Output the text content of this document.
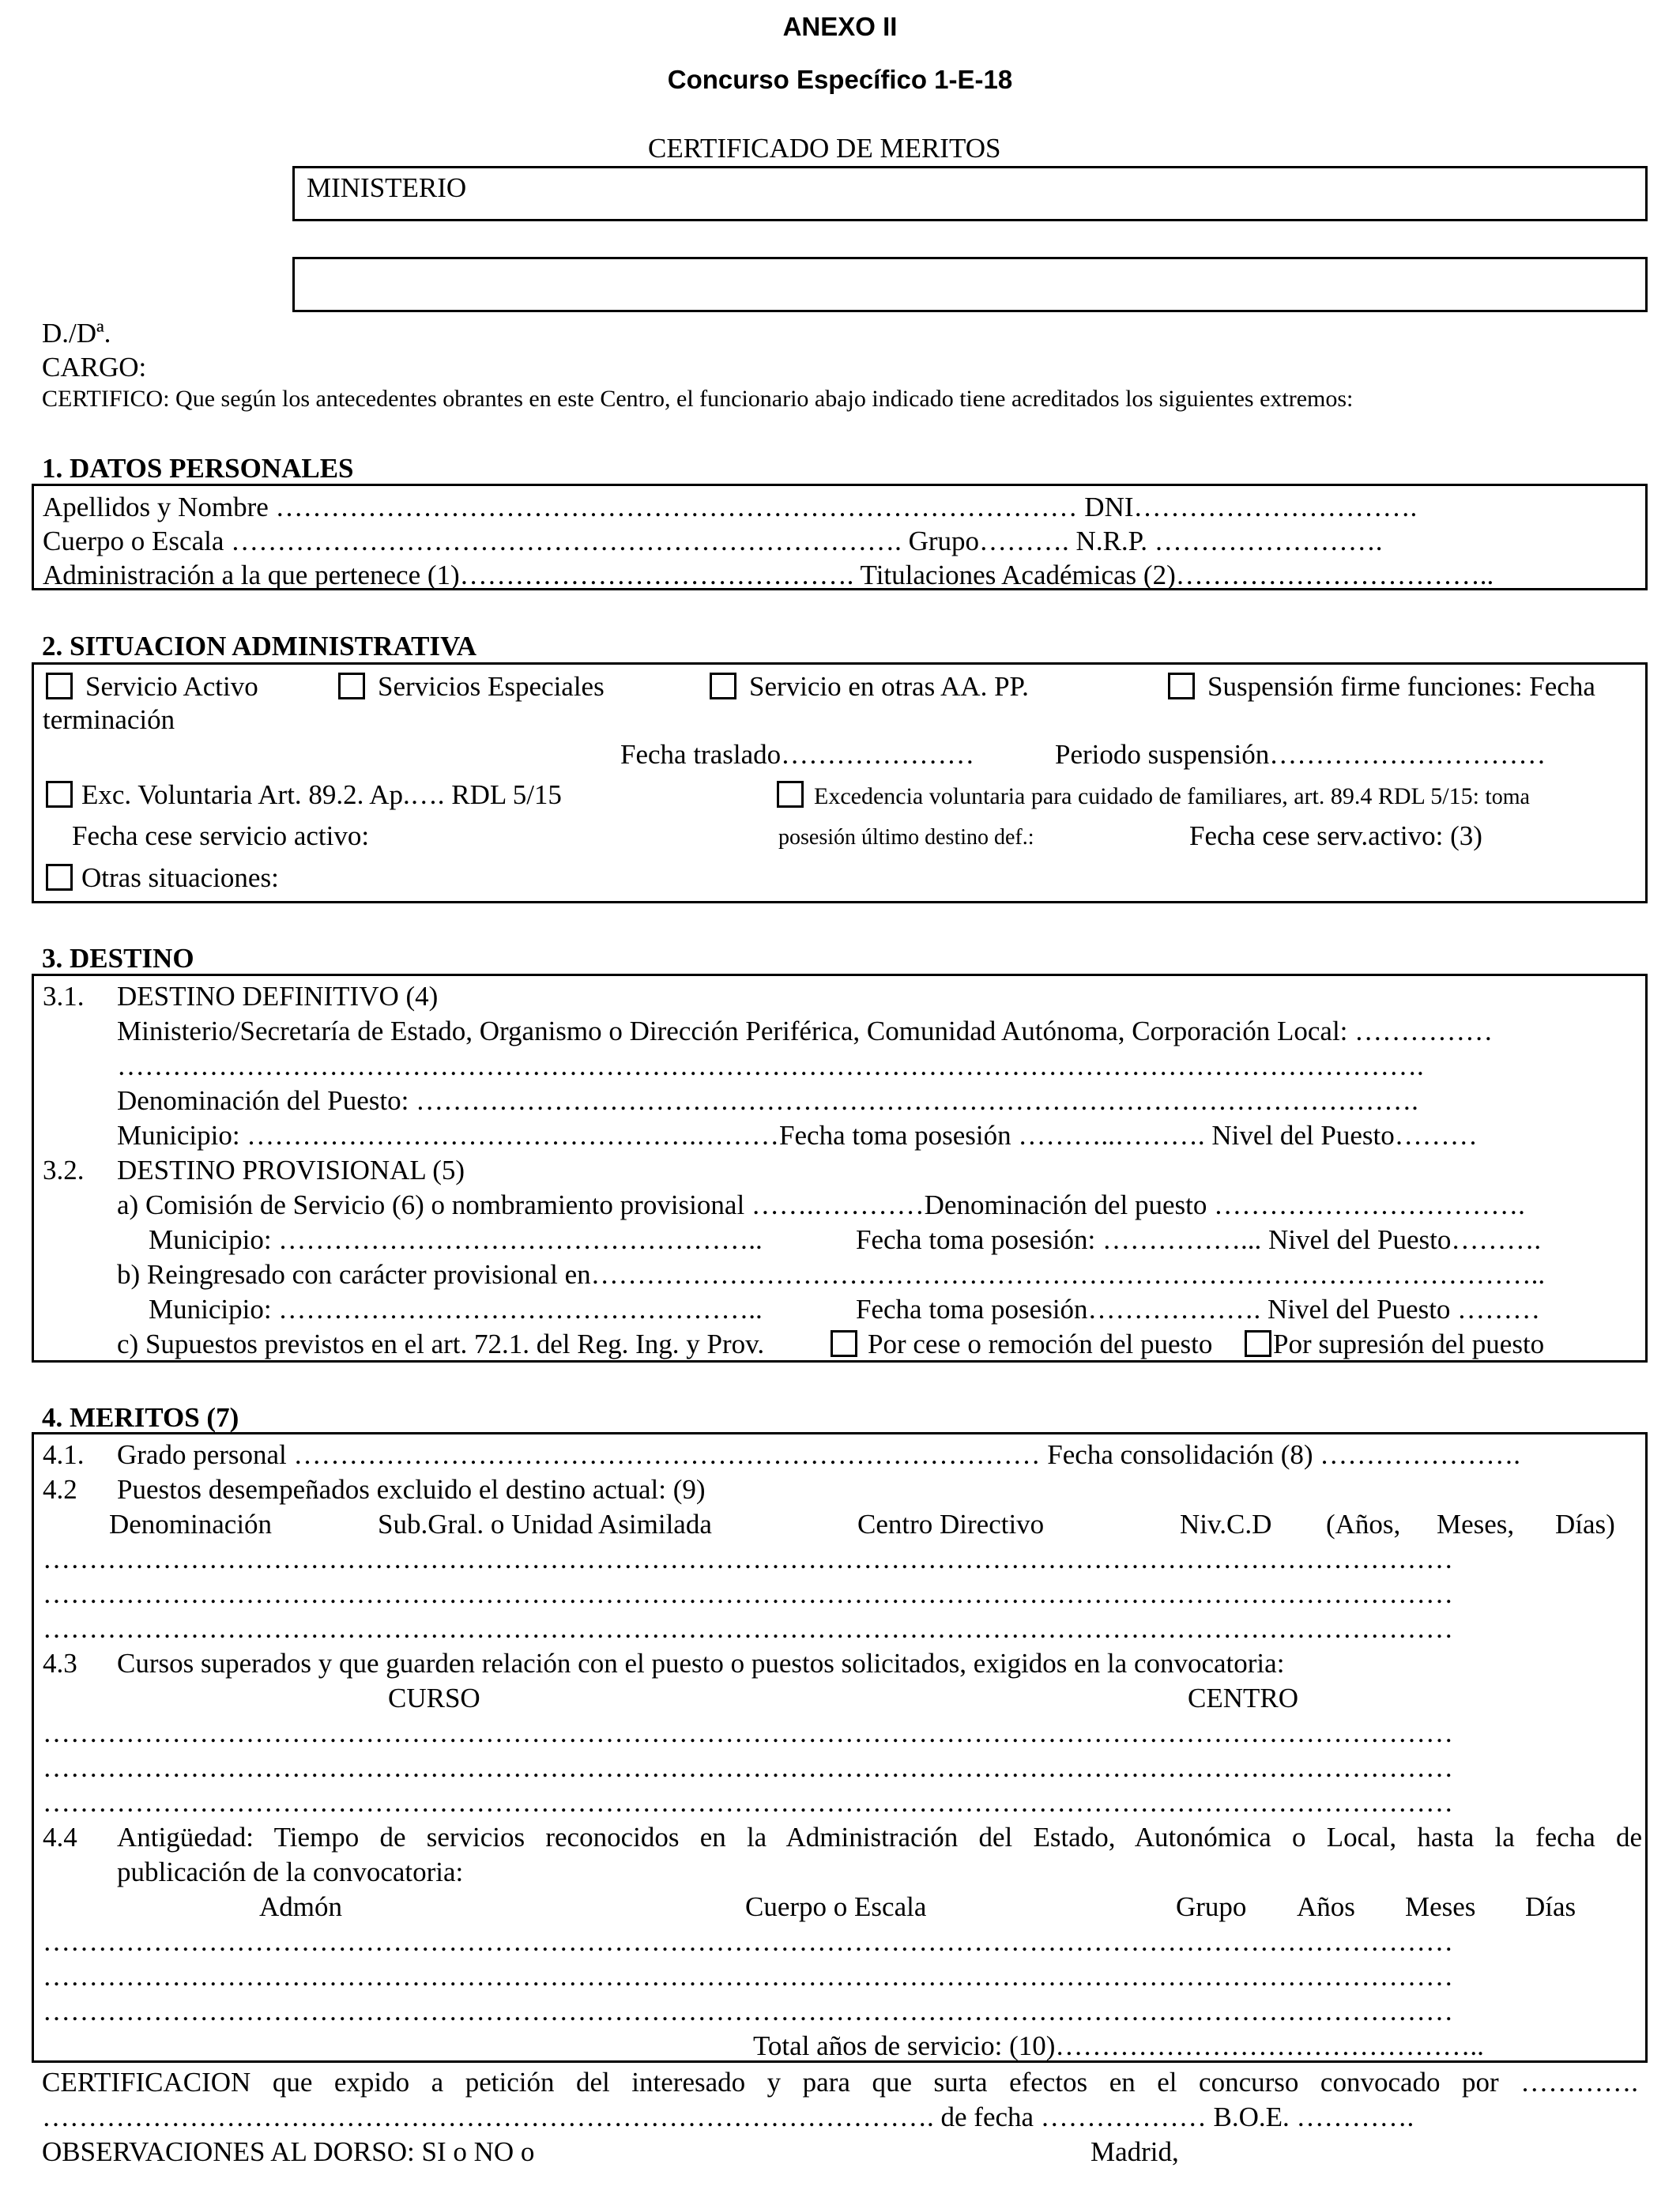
ANEXO II
Concurso Específico 1-E-18
CERTIFICADO DE MERITOS
MINISTERIO
D./Dª.
CARGO:
CERTIFICO: Que según los antecedentes obrantes en este Centro, el funcionario abajo indicado tiene acreditados los siguientes extremos:
1. DATOS PERSONALES
Apellidos y Nombre …………………………………………………………………………… DNI………………………….
Cuerpo o Escala ………………………………………………………………. Grupo………. N.R.P. …………………….
Administración a la que pertenece (1)……………………………………. Titulaciones Académicas (2)……………………………..
2. SITUACION ADMINISTRATIVA
Servicio Activo	Servicios Especiales	Servicio en otras AA. PP.	Suspensión firme funciones: Fecha
terminación
Fecha traslado…………………	Periodo suspensión…………………………
Exc. Voluntaria Art. 89.2. Ap.…. RDL 5/15	Excedencia voluntaria para cuidado de familiares, art. 89.4 RDL 5/15: toma
Fecha cese servicio activo:	posesión último destino def.:	Fecha cese serv.activo: (3)
Otras situaciones:
3. DESTINO
3.1. DESTINO DEFINITIVO (4)
Ministerio/Secretaría de Estado, Organismo o Dirección Periférica, Comunidad Autónoma, Corporación Local: ……………
…………………………………………………………………………………………………………………………….
Denominación del Puesto: ……………………………………………………………………………………………….
Municipio: ………………………………………….………Fecha toma posesión ………..………. Nivel del Puesto………
3.2. DESTINO PROVISIONAL (5)
a) Comisión de Servicio (6) o nombramiento provisional …….…………Denominación del puesto …………………………….
Municipio: ……………………………………………..	Fecha toma posesión: ……………... Nivel del Puesto……….
b) Reingresado con carácter provisional en…………………………………………………………………………………………..
Municipio: ……………………………………………..	Fecha toma posesión………………. Nivel del Puesto ………
c) Supuestos previstos en el art. 72.1. del Reg. Ing. y Prov.	Por cese o remoción del puesto Por supresión del puesto
4. MERITOS (7)
4.1. Grado personal ……………………………………………………………………… Fecha consolidación (8) ………………….
4.2 Puestos desempeñados excluido el destino actual: (9)
Denominación	Sub.Gral. o Unidad Asimilada	Centro Directivo	Niv.C.D (Años, Meses, Días)
………………………………………………………………………………………………………………………………………
………………………………………………………………………………………………………………………………………
………………………………………………………………………………………………………………………………………
4.3 Cursos superados y que guarden relación con el puesto o puestos solicitados, exigidos en la convocatoria:
CURSO	CENTRO
………………………………………………………………………………………………………………………………………
………………………………………………………………………………………………………………………………………
………………………………………………………………………………………………………………………………………
4.4 Antigüedad: Tiempo de servicios reconocidos en la Administración del Estado, Autonómica o Local, hasta la fecha de
publicación de la convocatoria:
Admón	Cuerpo o Escala	Grupo Años Meses Días
………………………………………………………………………………………………………………………………………
………………………………………………………………………………………………………………………………………
………………………………………………………………………………………………………………………………………
Total años de servicio: (10)………………………………………..
CERTIFICACION que expido a petición del interesado y para que surta efectos en el concurso convocado por ………….
……………………………………………………………………………………. de fecha ……………… B.O.E. ………….
OBSERVACIONES AL DORSO: SI o NO o	Madrid,
